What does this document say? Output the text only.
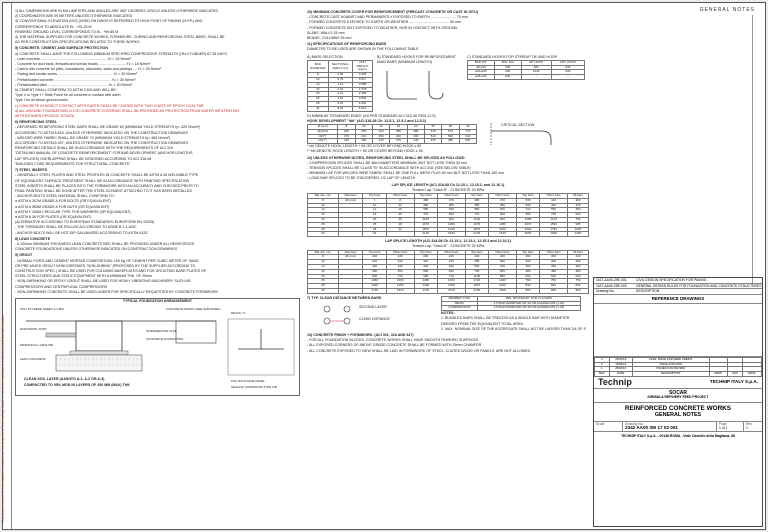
This document and the information it contains are the property of Technip Italy S.p.A. — not to be reproduced or disclosed without authorization
1) ALL DIMENSIONS ARE IN MILLIMETERS AND ANGLES ARE 360° DEGREES CIRCLE UNLESS OTHERWISE INDICATED
2) COORDINATES ARE IN METERS UNLESS OTHERWISE INDICATED
3) CONVENTIONAL ELEVATION (ISO) (USED ON DWGS IS REFERRED TO HIGH POINT OF PAVING (H.P.P.) AND
CORRESPONDS TO ABSOLUTE EL. +91.25 M
FINISHED GROUND LEVEL CORRESPONDS TO EL. +99.85 M
4) THE MATERIAL SUPPLIED FOR CONCRETE WORKS, FORMWORK, CURING AND REINFORCING STEEL BARS, SHALL BE
AS PER CONSTRUCTION SPECIFICATIONS RELATED TO THESE WORKS.
5) CONCRETE, CEMENT AND SURFACE PROTECTION
a) CONCRETE SHALL HAVE THE FOLLOWING MINIMUM SPECIFIED COMPRESSIVE STRENGTH (ON CYLINDER) AT 28 DAYS:
- Lean concrete .................................................................. f'c = 15 N/mm²
- Concrete for duct bank, firewalls and similar blocks ........................... f'c = 18 N/mm²
- Cast in situ concrete for piles, foundations, structures, walls and pavings .... f'c = 25 N/mm²
- Paving and similar works ....................................................... f'c = 30 N/mm²
- Prefabricated concrete ......................................................... f'c = 30 N/mm²
- Prefabricated piles ............................................................ f'c = 30 N/mm²
b) CEMENT SHALL CONFORM TO ASTM C150 AND WILL BE:
Type II or Type I + Slide Force for all concrete in contact with earth
Type I for all above ground works
c) CONCRETE IN DIRECT CONTACT WITH EARTH SHALL BE COATED WITH TWO COATS OF EPOXY COAL TAR
d) ALL AROUND FOUNDATIONS A 2.00 CONCRETE COVERING SHALL BE PROVIDED AS PROTECTION FROM WATER INFILTRATION
WITH BITUMEN EPOXIDIC STRATA
6) REINFORCING STEEL
- DEFORMED REINFORCING STEEL BARS SHALL BE GRADE 60 (MINIMUM YIELD STRENGTH fy= 420 N/mm²)
ACCORDING TO ASTM A 615, UNLESS OTHERWISE INDICATED ON THE CONSTRUCTION DRAWINGS
- WELDED WIRE FABRIC SHALL BE GRADE 70 (MINIMUM YIELD STRENGTH fy= 485 N/mm²)
ACCORDING TO ASTM A 497, UNLESS OTHERWISE INDICATED ON THE CONSTRUCTION DRAWINGS.
REINFORCING DETAILS SHALL BE IN ACCORDANCE WITH THE REQUIREMENTS OF ACI 315
"DETAILING MANUAL OF CONCRETE REINFORCEMENT" FOR BAR DEVELOPMENT (ANCHOR LENGTHS,
LAP SPLICES) OVERLAPPING SHALL BE DESIGNED ACCORDING TO ACI 318-08
"BUILDING CODE REQUIREMENTS FOR STRUCTURAL CONCRETE"
7) STEEL INSERTS
- GENERALLY STEEL PLATES AND STEEL PROFILES IN CONCRETE SHALL BE ASTM A 36 WELDABLE TYPE
OF EQUIVALENT SURFACE TREATMENT SHALL BE IN ACCORDANCE WITH PAINTING SPECIFICATION
STEEL INSERTS SHALL BE PLACED INTO THE FORMWORK WITH AN ACCURACY AND CHECKED PRIOR TO
FINAL PAINTING SHALL BE DONE AFTER THE STEEL ELEMENT ATTACHED TO IT HAS BEEN INSTALLED
- ANCHOR BOLTS STEEL MATERIAL SHALL CONFORM TO:
● ASTM A 307M GRADE A FOR BOLTS (OR EQUIVALENT)
● ASTM A 563M GRADE A FOR NUTS (OR EQUIVALENT)
● ASTM F 436M CIRCULAR TYPE FOR WASHERS (OR EQUIVALENT)
● ASTM A 36 FOR PLATES (OR EQUIVALENT)
(ALTERNATIVE ACCORDING TO EUROPEAN STANDARDS: EUROFORM EN-10025)
- THE THREADED SHALL BE ROLLED ACCORDING TO ASME B 1.1-UNC
- ANCHOR BOLTS WILL BE HOT-DIP GALVANIZED ACCORDING TO ASTM A153
8) LEAN CONCRETE
- A 100mm MINIMUM THICKNESS LEAN CONCRETE BED SHALL BE PROVIDED UNDER ALL REINFORCED
CONCRETE FOUNDATIONS UNLESS OTHERWISE INDICATED ON CONSTRUCTION DRAWINGS
9) GROUT
- NORMAL PORTLAND CEMENT MORTAR COMPOSITION: 100 Kg OF CEMENT PER CUBIC METER OF SAND
OR PRE-MIXED GROUT NONCORRODED "NON-SHRINK" (PROPOSED BY THE SUPPLIER ACCORDING TO
CONSTRUCTION SPEC.) SHALL BE USED FOR COLUMNS BASEPLATES AND FOR GROUTING BASE PLATES OF
STEEL STRUCTURES AND STATIC EQUIPMENT WITH A MINIMUM THK. OF 25mm
- NON-SHRINKING OR EPOXY GROUT SHALL BE USED FOR HEAVY VIBRATING MACHINERY, SUCH AS:
COMPRESSORS AND CENTRIFUGAL COMPRESSORS
- NON-SHRINKING CONCRETE SHALL BE USED UNDER FOR SPECIFICALLY REQUESTED BY CONCRETE FORMWORK
TYPICAL FOUNDATION ARRANGEMENT
POLYSTYRENE SHEET 2-4 MM	CONCRETE PAVING (SEE SUB.PANEL)
EXPANSION JOINT
MINIMUM ALL AROUND
DETAIL "1"
INTERMEDIATE SLAB
CONCRETE FOUNDATION
LEAN CONCRETE
CLEAN SOIL LAYER (AASHTO A-1, A-2 OR A-3)
COMPACTED TO 95% MOD IN LAYERS OF 250 MM (MAX) THK
POLYETHYLENE PANEL
SEALING COMPOUND TYPE A/B
10) MINIMUM CONCRETE COVER FOR REINFORCEMENT (PRECAST CONCRETE OR CAST IN SITU)
- CONCRETE CAST AGAINST AND PERMANENTLY EXPOSED TO EARTH ......................... 75 mm
- FORMED CONCRETE EXPOSED TO EARTH OR WEATHER ........................................ 50 mm
- FORMED CONCRETE NOT EXPOSED TO WEATHER, NOR IN CONTACT WITH GROUND:
SLABS, WALLS 25 mm
BEAMS, COLUMNS 35 mm
11) SPECIFICATIONS OF REINFORCING BARS
DIAMETER TO BE USED ARE SHOWN IN THE FOLLOWING TABLE
A) BARS SELECTION
BAR DIAMETER	SECTIONAL AREA (cm²)	UNIT WEIGHT (kg/m)
8	0.50	0.395
10	0.79	0.617
12	1.13	0.888
16	2.01	1.578
20	3.14	2.466
25	4.91	3.853
28	6.16	4.834
32	8.04	6.313
B) STANDARD HOOKS FOR REINFORCEMENT MAIN BARS (MINIMUM LENGTH)
C) STANDARD HOOKS FOR STIRRUP TIE AND HOOP
BAR NO.	MIN. DIA	90° HOOK	135° HOOK
ø8-ø16	6db	6db	6db
ø20-ø25	6db	12db	6db
ø28-ø32	8db	--	--
D) MINIMUM "STANDARD ENDS" (AS PER STANDARD ACI 318-08 ITEM 12.5)
HOOK DEVELOPMENT "ldh" (ACI 318-08 Ch. 12.5.1, 12.5.2 and 12.5.3)
Ø (mm)	8	10	12	16	20	25	28	32
ldh(N/A)	200	250	300	380	480	610	670	770
ldh(*)	170	210	250	320	400	510	560	640
ldh(**)	145	180	215	275	345	435	485	550
* ldh DENOTE HOOK LENGTH + 65 OR COVER BEYOND HOOK ≥ 50
** ldh DENOTE HOOK LENGTH + 50 OR COVER BEYOND HOOK ≥ 50
CRITICAL SECTION
12) UNLESS OTHERWISE NOTED, REINFORCING STEEL SHALL BE SPLICED AS FOLLOWS:
- COMPRESSION SPLICES SHALL BE 48d DIAMETERS MINIMUM, BUT NOT LESS THAN 30 mm
- TENSION SPLICES SHALL BE CLASS "B" IN ACCORDANCE WITH ACI 318, (SEE BELOW TABLE)
- MINIMUM LAP FOR WELDED WIRE FABRIC SHALL BE ONE FULL MESH PLUS 50 mm BUT NOT LESS THAN 150 mm
- LONG BAR SPLICES TO BE STAGGERED: 1/2 LAP OF LENGTH
LAP SPLICE LENGTH (ACI 318-08 Ch 12.15.1, 12.15.2, and 12.16.1)
Tension Lap "Class B" - CONCRETE 20 MPa
Bar dia. mm	Diameter	Top bars	Other bars	Top bars	Other bars	Top bars	Other bars	Top bars	Other bars	All bars
8	db (mm)	1	8	480	370	480	370	535	410	300
10		10	12	480	380	480	380	600	460	375
12		12	16	580	450	580	450	720	550	450
16		16	20	770	600	770	600	960	735	600
20		20	25	1190	920	1190	920	1480	1140	750
25		25	28	1670	1280	1670	1280	2070	1590	935
28		28	32	1870	1440	1870	1440	2320	1790	1050
32		32		2140	1640	2140	1640	2660	2040	1200
LAP SPLICE LENGTH (ACI 318-08 Ch 12.15.1, 12.15.2, 12.15.3 and 12.16.1)
Tension Lap "Class B" - CONCRETE 25 MPa
Bar dia. mm	Diameter	Top bars	Other bars	Top bars	Other bars	Top bars	Other bars	Top bars	Other bars	All bars
8	db (mm)	240	240	240	240	240	240	300	300	240
10		310	240	310	240	385	300	300	300	300
12		440	340	440	340	550	420	360	360	360
16		590	450	590	450	735	565	480	480	480
20		900	710	900	710	1130	890	600	600	600
25		1380	1060	1380	1060	1720	1330	750	750	750
28		1490	1150	1490	1150	1870	1440	840	840	840
32		1710	1310	1710	1310	2140	1640	960	960	960
7) TYP. CLEAR DISTANCE BETWEEN BARS
SECOND LAYER
CLEAR DISTANCE
MEMBER TYPE	MIN. BOUNDARY FOR 2 LAYERS
BEAM	1.5 BAR DIAMETER OR 40 OR AGGREGATE (1.33)
COMPRESSION	1.5 BAR DIAMETER OR 40 OR AGGREGATE (1.33)
NOTES:
1. BUNDLED BARS SHALL BE TREATED AS A SINGLE BAR WITH DIAMETER
DERIVED FROM THE EQUIVALENT TOTAL AREA.
2. MAX. NOMINAL SIZE OF THE AGGREGATE SHALL NOT BE LARGER THAN 3/4 OF S
13) CONCRETE FINISH + FORMWORK: (ACI 301, 318 AND 347)
- FOR ALL FOUNDATION BLOCKS, CONCRETE WORKS SHALL HAVE SMOOTH FINISHED SURFACES
- ALL EXPOSED CORNERS OF ABOVE GRADE CONCRETE SHALL BE FORMED WITH 25mm CHAMFER
- ALL CONCRETE EXPOSED TO VIEW SHALL BE LAID IN FORMWORK OF STEEL, COATED WOOD OR PANELS, ARE NOT ALLOWED
GENERAL NOTES
1167-AA00-29E-001	CIVIL DESIGN SPECIFICATION FOR PAVING
1167-AA00-29E-003	GENERAL DESIGN RULES FOR FOUNDATION AND CONCRETE STRUCTURES
Drawing No.	DESCRIPTION
REFERENCE DRAWINGS
3	25/10/16	FINAL ISSUE FOR FEED CREDIT			
2	15/06/16	ISSUE FOR IFDS			
1	28/04/16	ISSUED FOR REVIEW			
REV	DATE	DESCRIPTION	PREP.	CHK	APPR.
Technip	TECHNIP ITALY S.p.A.
SOCAR
KIRIBALA REFINERY FEED PROJECT
REINFORCED CONCRETE WORKS
GENERAL NOTES
Scale	Drawing No.
2342 AA00 3W 17 02 001
Page
1 of 1
Rev.
1
TECHNIP ITALY S.p.A. - 00148 ROMA - Viale Castello della Magliana, 68
